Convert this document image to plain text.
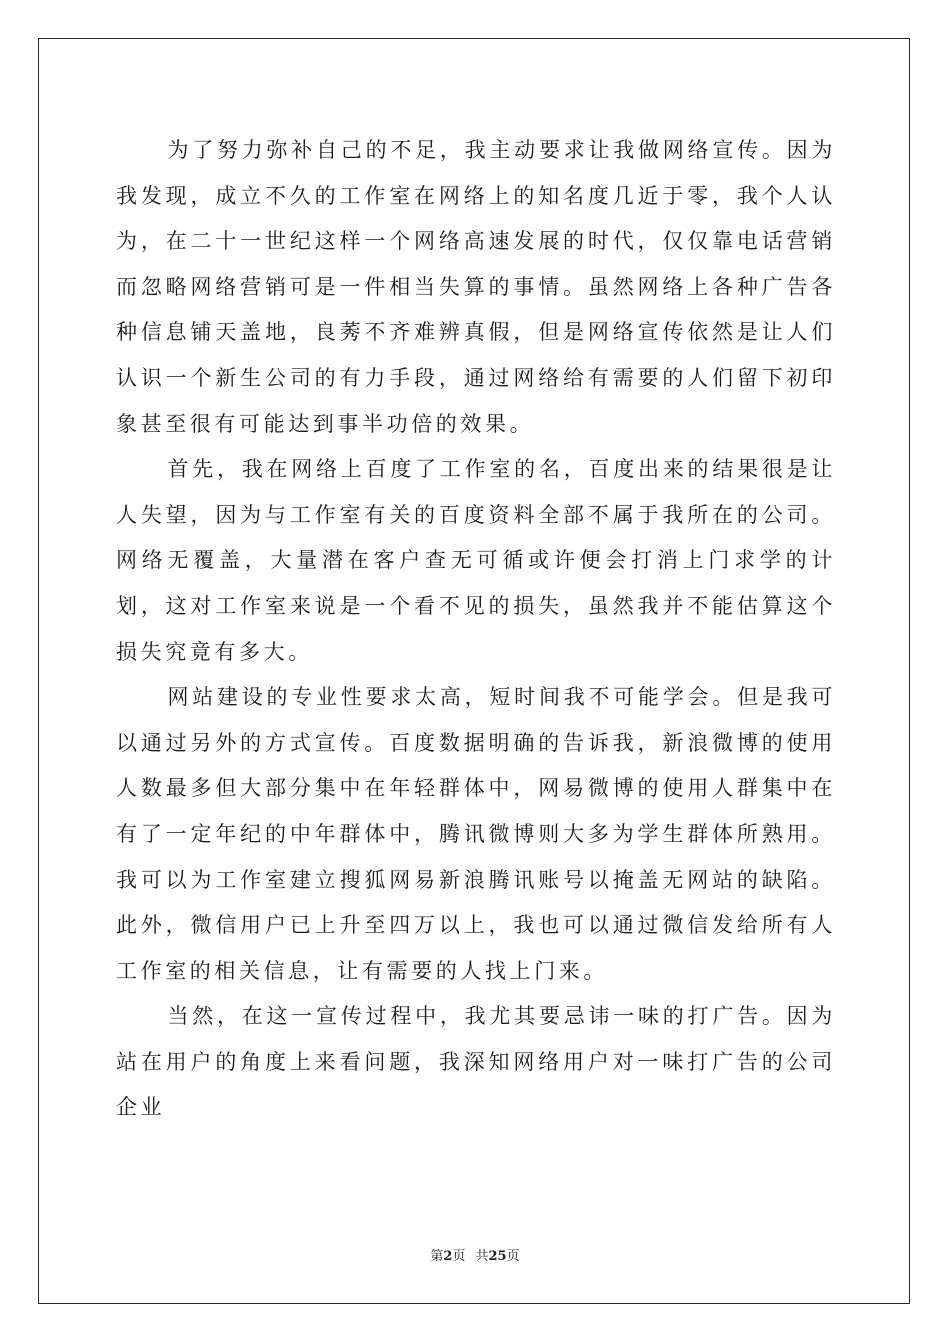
为了努力弥补自己的不足，我主动要求让我做网络宣传。因为我发现，成立不久的工作室在网络上的知名度几近于零，我个人认为，在二十一世纪这样一个网络高速发展的时代，仅仅靠电话营销而忽略网络营销可是一件相当失算的事情。虽然网络上各种广告各种信息铺天盖地，良莠不齐难辨真假，但是网络宣传依然是让人们认识一个新生公司的有力手段，通过网络给有需要的人们留下初印象甚至很有可能达到事半功倍的效果。

首先，我在网络上百度了工作室的名，百度出来的结果很是让人失望，因为与工作室有关的百度资料全部不属于我所在的公司。网络无覆盖，大量潜在客户查无可循或许便会打消上门求学的计划，这对工作室来说是一个看不见的损失，虽然我并不能估算这个损失究竟有多大。

网站建设的专业性要求太高，短时间我不可能学会。但是我可以通过另外的方式宣传。百度数据明确的告诉我，新浪微博的使用人数最多但大部分集中在年轻群体中，网易微博的使用人群集中在有了一定年纪的中年群体中，腾讯微博则大多为学生群体所熟用。我可以为工作室建立搜狐网易新浪腾讯账号以掩盖无网站的缺陷。此外，微信用户已上升至四万以上，我也可以通过微信发给所有人工作室的相关信息，让有需要的人找上门来。

当然，在这一宣传过程中，我尤其要忌讳一味的打广告。因为站在用户的角度上来看问题，我深知网络用户对一味打广告的公司企业

第2页 共25页
